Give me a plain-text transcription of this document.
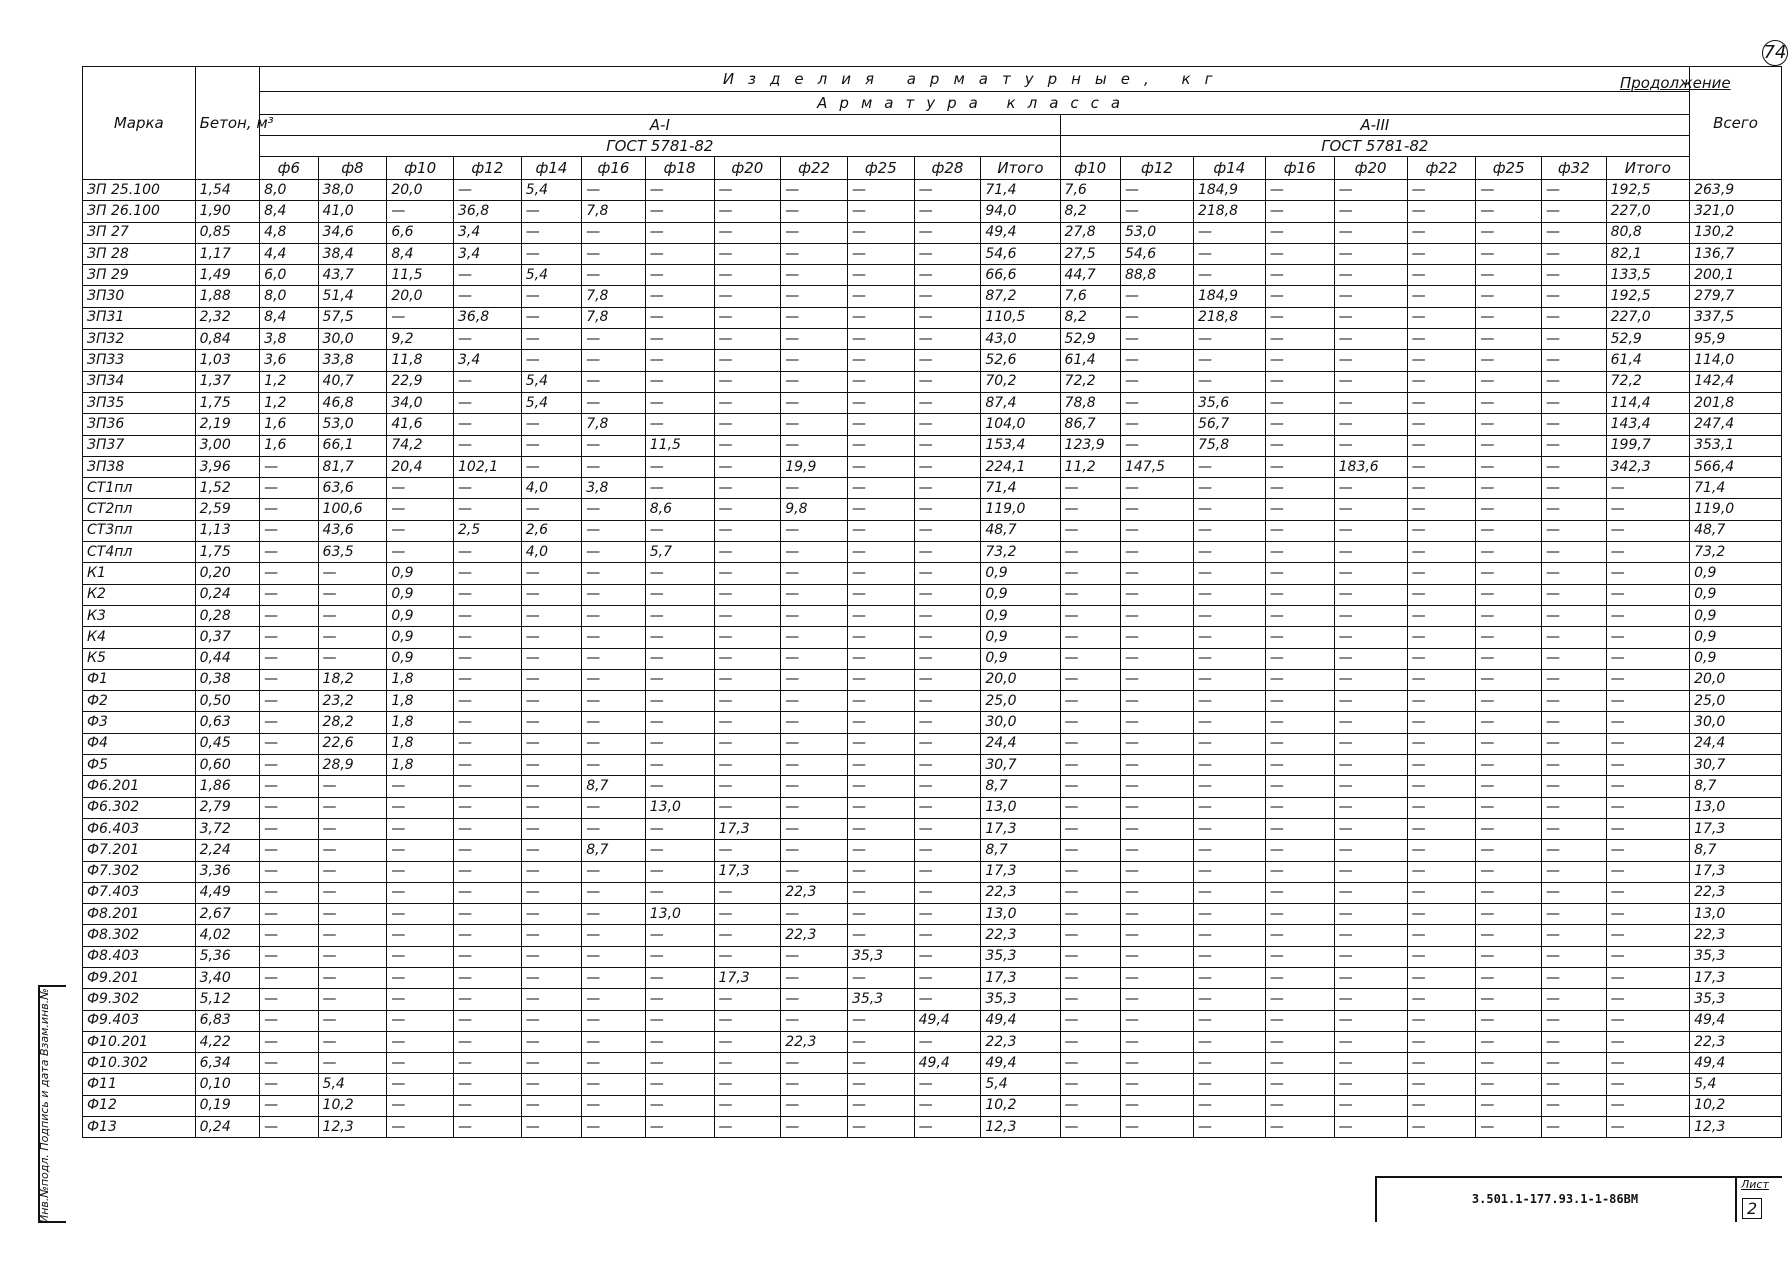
74
Продолжение
Марка	Бетон, м³	Изделия арматурные, кг																					Всего
		Арматура класса																					
		А-I												А-III									
		ГОСТ 5781-82												ГОСТ 5781-82									
		ф6	ф8	ф10	ф12	ф14	ф16	ф18	ф20	ф22	ф25	ф28	Итого	ф10	ф12	ф14	ф16	ф20	ф22	ф25	ф32	Итого	
ЗП 25.100	1,54	8,0	38,0	20,0	—	5,4	—	—	—	—	—	—	71,4	7,6	—	184,9	—	—	—	—	—	192,5	263,9
ЗП 26.100	1,90	8,4	41,0	—	36,8	—	7,8	—	—	—	—	—	94,0	8,2	—	218,8	—	—	—	—	—	227,0	321,0
ЗП 27	0,85	4,8	34,6	6,6	3,4	—	—	—	—	—	—	—	49,4	27,8	53,0	—	—	—	—	—	—	80,8	130,2
ЗП 28	1,17	4,4	38,4	8,4	3,4	—	—	—	—	—	—	—	54,6	27,5	54,6	—	—	—	—	—	—	82,1	136,7
ЗП 29	1,49	6,0	43,7	11,5	—	5,4	—	—	—	—	—	—	66,6	44,7	88,8	—	—	—	—	—	—	133,5	200,1
ЗП30	1,88	8,0	51,4	20,0	—	—	7,8	—	—	—	—	—	87,2	7,6	—	184,9	—	—	—	—	—	192,5	279,7
ЗП31	2,32	8,4	57,5	—	36,8	—	7,8	—	—	—	—	—	110,5	8,2	—	218,8	—	—	—	—	—	227,0	337,5
ЗП32	0,84	3,8	30,0	9,2	—	—	—	—	—	—	—	—	43,0	52,9	—	—	—	—	—	—	—	52,9	95,9
ЗП33	1,03	3,6	33,8	11,8	3,4	—	—	—	—	—	—	—	52,6	61,4	—	—	—	—	—	—	—	61,4	114,0
ЗП34	1,37	1,2	40,7	22,9	—	5,4	—	—	—	—	—	—	70,2	72,2	—	—	—	—	—	—	—	72,2	142,4
ЗП35	1,75	1,2	46,8	34,0	—	5,4	—	—	—	—	—	—	87,4	78,8	—	35,6	—	—	—	—	—	114,4	201,8
ЗП36	2,19	1,6	53,0	41,6	—	—	7,8	—	—	—	—	—	104,0	86,7	—	56,7	—	—	—	—	—	143,4	247,4
ЗП37	3,00	1,6	66,1	74,2	—	—	—	11,5	—	—	—	—	153,4	123,9	—	75,8	—	—	—	—	—	199,7	353,1
ЗП38	3,96	—	81,7	20,4	102,1	—	—	—	—	19,9	—	—	224,1	11,2	147,5	—	—	183,6	—	—	—	342,3	566,4
СТ1пл	1,52	—	63,6	—	—	4,0	3,8	—	—	—	—	—	71,4	—	—	—	—	—	—	—	—	—	71,4
СТ2пл	2,59	—	100,6	—	—	—	—	8,6	—	9,8	—	—	119,0	—	—	—	—	—	—	—	—	—	119,0
СТ3пл	1,13	—	43,6	—	2,5	2,6	—	—	—	—	—	—	48,7	—	—	—	—	—	—	—	—	—	48,7
СТ4пл	1,75	—	63,5	—	—	4,0	—	5,7	—	—	—	—	73,2	—	—	—	—	—	—	—	—	—	73,2
К1	0,20	—	—	0,9	—	—	—	—	—	—	—	—	0,9	—	—	—	—	—	—	—	—	—	0,9
К2	0,24	—	—	0,9	—	—	—	—	—	—	—	—	0,9	—	—	—	—	—	—	—	—	—	0,9
К3	0,28	—	—	0,9	—	—	—	—	—	—	—	—	0,9	—	—	—	—	—	—	—	—	—	0,9
К4	0,37	—	—	0,9	—	—	—	—	—	—	—	—	0,9	—	—	—	—	—	—	—	—	—	0,9
К5	0,44	—	—	0,9	—	—	—	—	—	—	—	—	0,9	—	—	—	—	—	—	—	—	—	0,9
Ф1	0,38	—	18,2	1,8	—	—	—	—	—	—	—	—	20,0	—	—	—	—	—	—	—	—	—	20,0
Ф2	0,50	—	23,2	1,8	—	—	—	—	—	—	—	—	25,0	—	—	—	—	—	—	—	—	—	25,0
Ф3	0,63	—	28,2	1,8	—	—	—	—	—	—	—	—	30,0	—	—	—	—	—	—	—	—	—	30,0
Ф4	0,45	—	22,6	1,8	—	—	—	—	—	—	—	—	24,4	—	—	—	—	—	—	—	—	—	24,4
Ф5	0,60	—	28,9	1,8	—	—	—	—	—	—	—	—	30,7	—	—	—	—	—	—	—	—	—	30,7
Ф6.201	1,86	—	—	—	—	—	8,7	—	—	—	—	—	8,7	—	—	—	—	—	—	—	—	—	8,7
Ф6.302	2,79	—	—	—	—	—	—	13,0	—	—	—	—	13,0	—	—	—	—	—	—	—	—	—	13,0
Ф6.403	3,72	—	—	—	—	—	—	—	17,3	—	—	—	17,3	—	—	—	—	—	—	—	—	—	17,3
Ф7.201	2,24	—	—	—	—	—	8,7	—	—	—	—	—	8,7	—	—	—	—	—	—	—	—	—	8,7
Ф7.302	3,36	—	—	—	—	—	—	—	17,3	—	—	—	17,3	—	—	—	—	—	—	—	—	—	17,3
Ф7.403	4,49	—	—	—	—	—	—	—	—	22,3	—	—	22,3	—	—	—	—	—	—	—	—	—	22,3
Ф8.201	2,67	—	—	—	—	—	—	13,0	—	—	—	—	13,0	—	—	—	—	—	—	—	—	—	13,0
Ф8.302	4,02	—	—	—	—	—	—	—	—	22,3	—	—	22,3	—	—	—	—	—	—	—	—	—	22,3
Ф8.403	5,36	—	—	—	—	—	—	—	—	—	35,3	—	35,3	—	—	—	—	—	—	—	—	—	35,3
Ф9.201	3,40	—	—	—	—	—	—	—	17,3	—	—	—	17,3	—	—	—	—	—	—	—	—	—	17,3
Ф9.302	5,12	—	—	—	—	—	—	—	—	—	35,3	—	35,3	—	—	—	—	—	—	—	—	—	35,3
Ф9.403	6,83	—	—	—	—	—	—	—	—	—	—	49,4	49,4	—	—	—	—	—	—	—	—	—	49,4
Ф10.201	4,22	—	—	—	—	—	—	—	—	22,3	—	—	22,3	—	—	—	—	—	—	—	—	—	22,3
Ф10.302	6,34	—	—	—	—	—	—	—	—	—	—	49,4	49,4	—	—	—	—	—	—	—	—	—	49,4
Ф11	0,10	—	5,4	—	—	—	—	—	—	—	—	—	5,4	—	—	—	—	—	—	—	—	—	5,4
Ф12	0,19	—	10,2	—	—	—	—	—	—	—	—	—	10,2	—	—	—	—	—	—	—	—	—	10,2
Ф13	0,24	—	12,3	—	—	—	—	—	—	—	—	—	12,3	—	—	—	—	—	—	—	—	—	12,3
Инв.№подл. Подпись и дата Взам.инв.№	3.501.1-177.93.1-1-86ВМ
Лист
2
